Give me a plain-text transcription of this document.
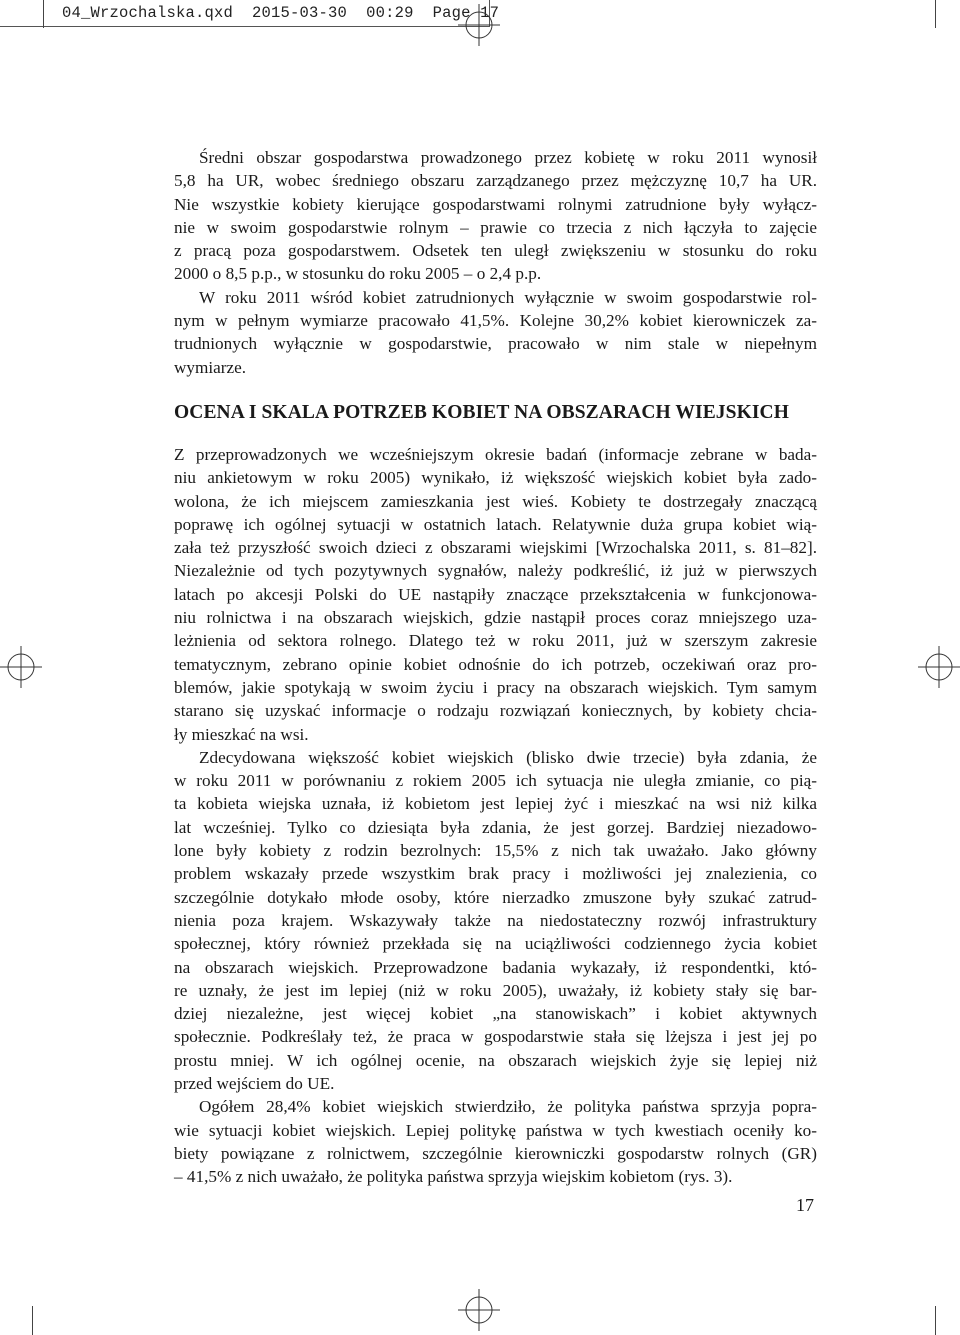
04_Wrzochalska.qxd 2015-03-30 00:29 Page 17

Średni obszar gospodarstwa prowadzonego przez kobietę w roku 2011 wynosił
5,8 ha UR, wobec średniego obszaru zarządzanego przez mężczyznę 10,7 ha UR.
Nie wszystkie kobiety kierujące gospodarstwami rolnymi zatrudnione były wyłącz-
nie w swoim gospodarstwie rolnym – prawie co trzecia z nich łączyła to zajęcie
z pracą poza gospodarstwem. Odsetek ten uległ zwiększeniu w stosunku do roku
2000 o 8,5 p.p., w stosunku do roku 2005 – o 2,4 p.p.

W roku 2011 wśród kobiet zatrudnionych wyłącznie w swoim gospodarstwie rol-
nym w pełnym wymiarze pracowało 41,5%. Kolejne 30,2% kobiet kierowniczek za-
trudnionych wyłącznie w gospodarstwie, pracowało w nim stale w niepełnym
wymiarze.

OCENA I SKALA POTRZEB KOBIET NA OBSZARACH WIEJSKICH

Z przeprowadzonych we wcześniejszym okresie badań (informacje zebrane w bada-
niu ankietowym w roku 2005) wynikało, iż większość wiejskich kobiet była zado-
wolona, że ich miejscem zamieszkania jest wieś. Kobiety te dostrzegały znaczącą
poprawę ich ogólnej sytuacji w ostatnich latach. Relatywnie duża grupa kobiet wią-
zała też przyszłość swoich dzieci z obszarami wiejskimi [Wrzochalska 2011, s. 81–82].
Niezależnie od tych pozytywnych sygnałów, należy podkreślić, iż już w pierwszych
latach po akcesji Polski do UE nastąpiły znaczące przekształcenia w funkcjonowa-
niu rolnictwa i na obszarach wiejskich, gdzie nastąpił proces coraz mniejszego uza-
leżnienia od sektora rolnego. Dlatego też w roku 2011, już w szerszym zakresie
tematycznym, zebrano opinie kobiet odnośnie do ich potrzeb, oczekiwań oraz pro-
blemów, jakie spotykają w swoim życiu i pracy na obszarach wiejskich. Tym samym
starano się uzyskać informacje o rodzaju rozwiązań koniecznych, by kobiety chcia-
ły mieszkać na wsi.

Zdecydowana większość kobiet wiejskich (blisko dwie trzecie) była zdania, że
w roku 2011 w porównaniu z rokiem 2005 ich sytuacja nie uległa zmianie, co pią-
ta kobieta wiejska uznała, iż kobietom jest lepiej żyć i mieszkać na wsi niż kilka
lat wcześniej. Tylko co dziesiąta była zdania, że jest gorzej. Bardziej niezadowo-
lone były kobiety z rodzin bezrolnych: 15,5% z nich tak uważało. Jako główny
problem wskazały przede wszystkim brak pracy i możliwości jej znalezienia, co
szczególnie dotykało młode osoby, które nierzadko zmuszone były szukać zatrud-
nienia poza krajem. Wskazywały także na niedostateczny rozwój infrastruktury
społecznej, który również przekłada się na uciążliwości codziennego życia kobiet
na obszarach wiejskich. Przeprowadzone badania wykazały, iż respondentki, któ-
re uznały, że jest im lepiej (niż w roku 2005), uważały, iż kobiety stały się bar-
dziej niezależne, jest więcej kobiet „na stanowiskach” i kobiet aktywnych
społecznie. Podkreślały też, że praca w gospodarstwie stała się lżejsza i jest jej po
prostu mniej. W ich ogólnej ocenie, na obszarach wiejskich żyje się lepiej niż
przed wejściem do UE.

Ogółem 28,4% kobiet wiejskich stwierdziło, że polityka państwa sprzyja popra-
wie sytuacji kobiet wiejskich. Lepiej politykę państwa w tych kwestiach oceniły ko-
biety powiązane z rolnictwem, szczególnie kierowniczki gospodarstw rolnych (GR)
– 41,5% z nich uważało, że polityka państwa sprzyja wiejskim kobietom (rys. 3).

17
